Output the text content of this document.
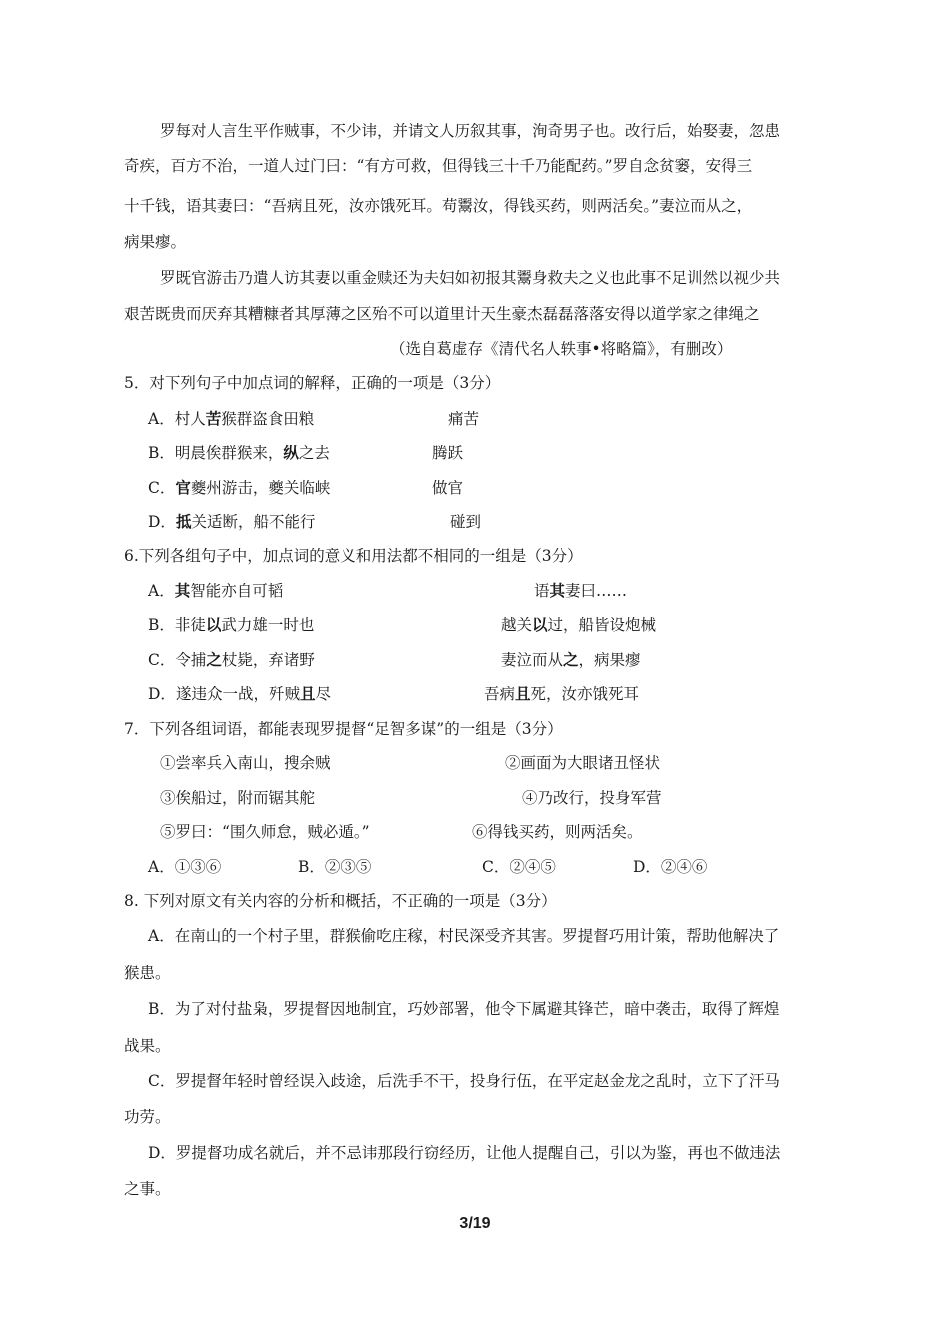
罗每对人言生平作贼事，不少讳，并请文人历叙其事，洵奇男子也。改行后，始娶妻，忽患
奇疾，百方不治，一道人过门曰：“有方可救，但得钱三十千乃能配药。”罗自念贫窭，安得三
十千钱，语其妻曰：“吾病且死，汝亦饿死耳。苟鬻汝，得钱买药，则两活矣。”妻泣而从之，
病果瘳。
罗既官游击乃遣人访其妻以重金赎还为夫妇如初报其鬻身救夫之义也此事不足训然以视少共
艰苦既贵而厌弃其糟糠者其厚薄之区殆不可以道里计天生豪杰磊磊落落安得以道学家之律绳之
（选自葛虚存《清代名人轶事•将略篇》，有删改）
5．对下列句子中加点词的解释，正确的一项是（3分）
A．村人苦猴群盗食田粮	痛苦
B．明晨俟群猴来，纵之去	腾跃
C．官夔州游击，夔关临峡	做官
D．抵关适断，船不能行	碰到
6.下列各组句子中，加点词的意义和用法都不相同的一组是（3分）
A．其智能亦自可韬	语其妻曰……
B．非徒以武力雄一时也	越关以过，船皆设炮械
C．令捕之杖毙，弃诸野	妻泣而从之，病果瘳
D．遂违众一战，歼贼且尽	吾病且死，汝亦饿死耳
7．下列各组词语，都能表现罗提督“足智多谋”的一组是（3分）
①尝率兵入南山，搜余贼	②画面为大眼诸丑怪状
③俟船过，附而锯其舵	④乃改行，投身军营
⑤罗曰：“围久师怠，贼必遁。”	⑥得钱买药，则两活矣。
A．①③⑥	B．②③⑤	C．②④⑤	D．②④⑥
8. 下列对原文有关内容的分析和概括，不正确的一项是（3分）
A．在南山的一个村子里，群猴偷吃庄稼，村民深受齐其害。罗提督巧用计策，帮助他解决了
猴患。
B．为了对付盐枭，罗提督因地制宜，巧妙部署，他令下属避其锋芒，暗中袭击，取得了辉煌
战果。
C．罗提督年轻时曾经误入歧途，后洗手不干，投身行伍，在平定赵金龙之乱时，立下了汗马
功劳。
D．罗提督功成名就后，并不忌讳那段行窃经历，让他人提醒自己，引以为鉴，再也不做违法
之事。
3/19
